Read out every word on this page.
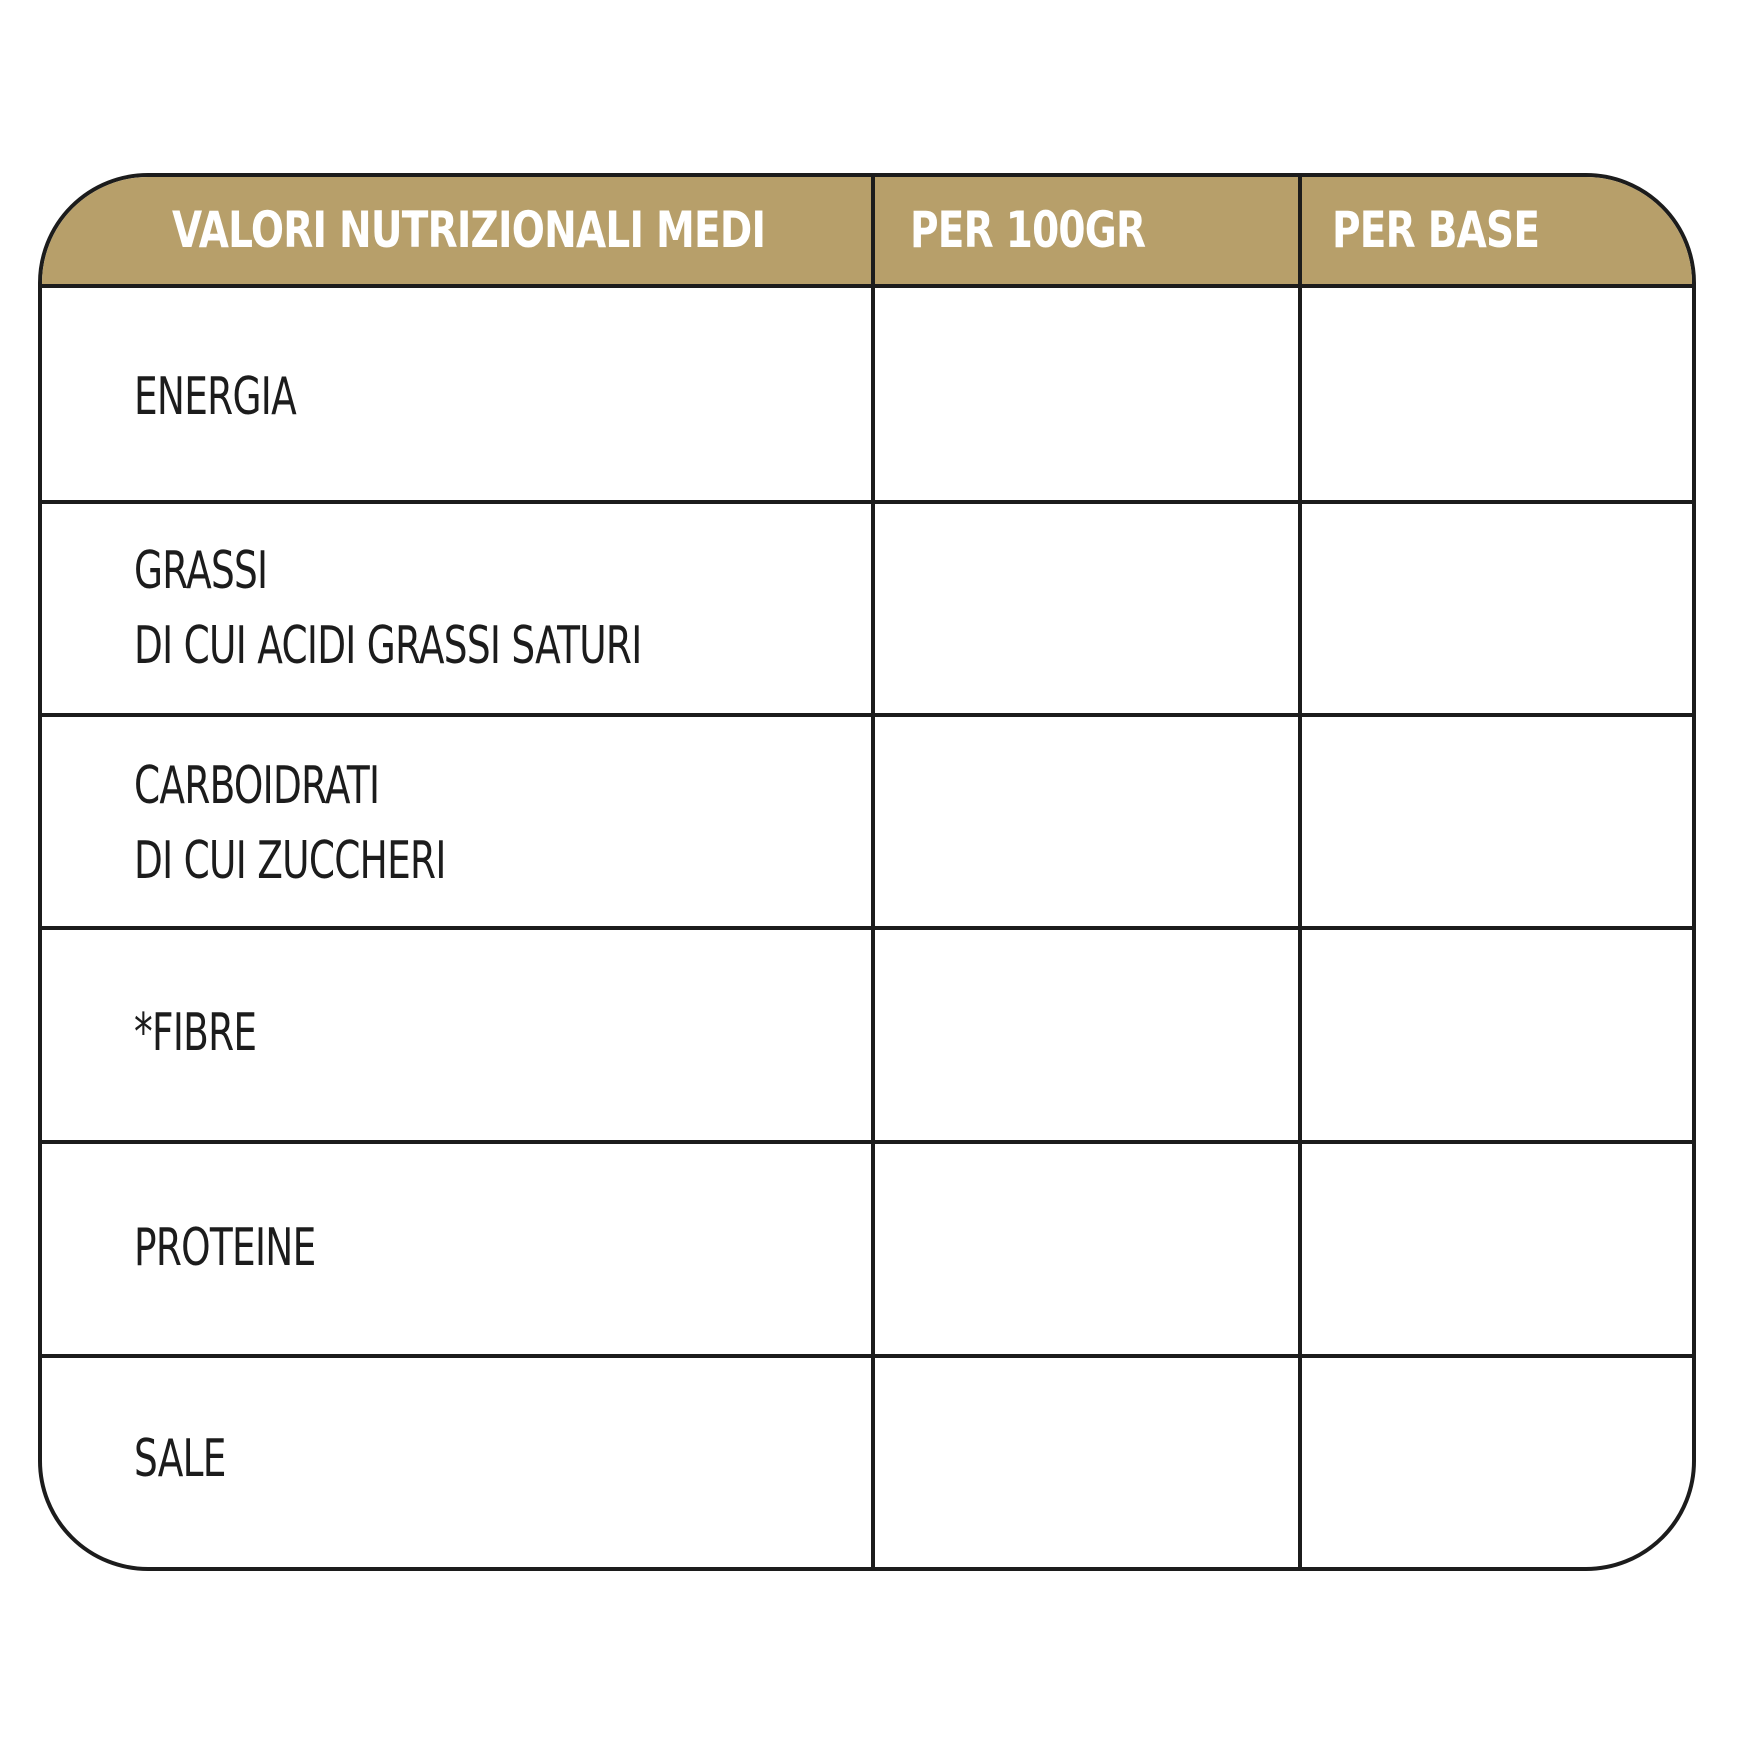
VALORI NUTRIZIONALI MEDI	PER 100GR	PER BASE
ENERGIA
GRASSI
DI CUI ACIDI GRASSI SATURI
CARBOIDRATI
DI CUI ZUCCHERI
*FIBRE
PROTEINE
SALE
